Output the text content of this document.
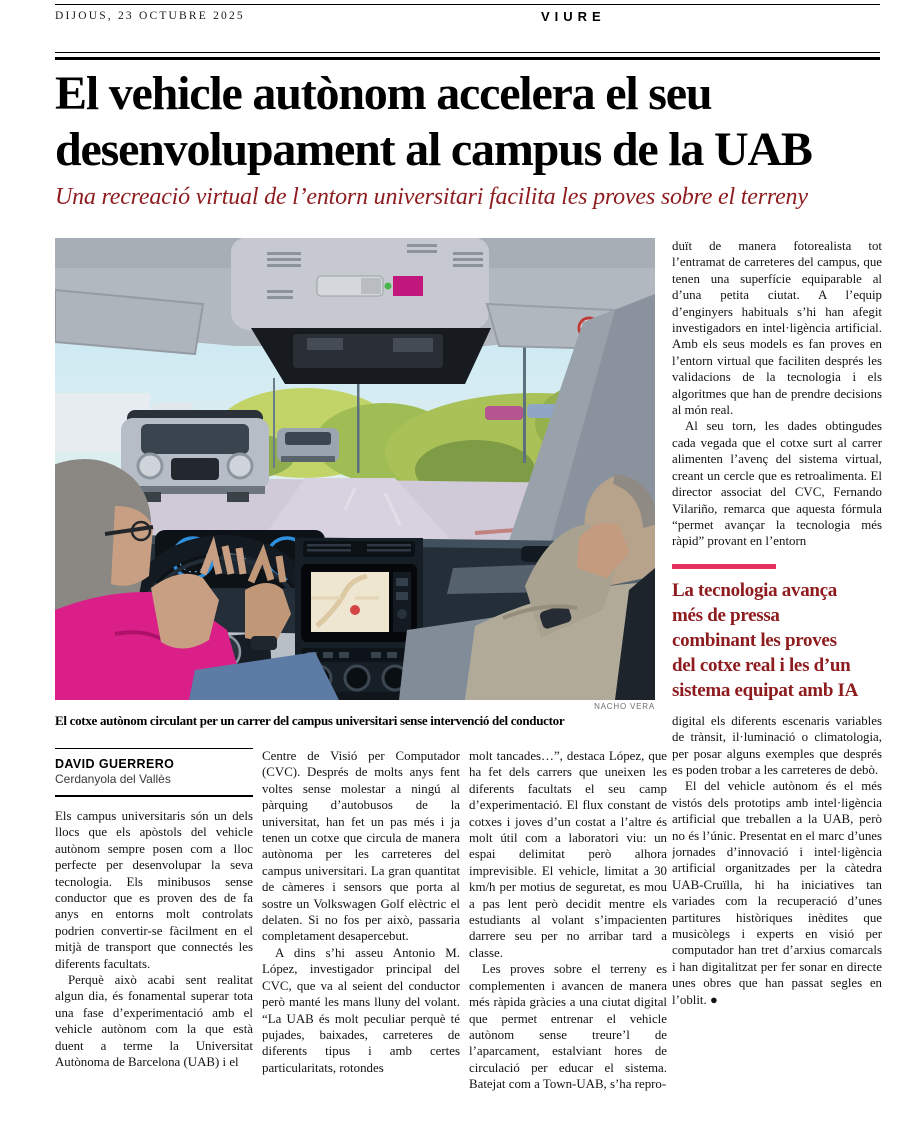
DIJOUS, 23 OCTUBRE 2025	VIURE
El vehicle autònom accelera el seu
desenvolupament al campus de la UAB
Una recreació virtual de l’entorn universitari facilita les proves sobre el terreny
NACHO VERA
El cotxe autònom circulant per un carrer del campus universitari sense intervenció del conductor
DAVID GUERRERO
Cerdanyola del Vallès

Els campus universitaris són un dels llocs que els apòstols del vehicle autònom sempre posen com a lloc perfecte per desenvolupar la seva tecnologia. Els minibusos sense conductor que es proven des de fa anys en entorns molt controlats podrien convertir-se fàcilment en el mitjà de transport que connectés les diferents facultats.

Perquè això acabi sent realitat algun dia, és fonamental superar tota una fase d’experimentació amb el vehicle autònom com la que està duent a terme la Universitat Autònoma de Barcelona (UAB) i el

Centre de Visió per Computador (CVC). Després de molts anys fent voltes sense molestar a ningú al pàrquing d’autobusos de la universitat, han fet un pas més i ja tenen un cotxe que circula de manera autònoma per les carreteres del campus universitari. La gran quantitat de càmeres i sensors que porta al sostre un Volkswagen Golf elèctric el delaten. Si no fos per això, passaria completament desapercebut.

A dins s’hi asseu Antonio M. López, investigador principal del CVC, que va al seient del conductor però manté les mans lluny del volant. “La UAB és molt peculiar perquè té pujades, baixades, carreteres de diferents tipus i amb certes particularitats, rotondes

molt tancades…”, destaca López, que ha fet dels carrers que uneixen les diferents facultats el seu camp d’experimentació. El flux constant de cotxes i joves d’un costat a l’altre és molt útil com a laboratori viu: un espai delimitat però alhora imprevisible. El vehicle, limitat a 30 km/h per motius de seguretat, es mou a pas lent però decidit mentre els estudiants al volant s’impacienten darrere seu per no arribar tard a classe.

Les proves sobre el terreny es complementen i avancen de manera més ràpida gràcies a una ciutat digital que permet entrenar el vehicle autònom sense treure’l de l’aparcament, estalviant hores de circulació per educar el sistema. Batejat com a Town-UAB, s’ha repro-

duït de manera fotorealista tot l’entramat de carreteres del campus, que tenen una superfície equiparable al d’una petita ciutat. A l’equip d’enginyers habituals s’hi han afegit investigadors en intel·ligència artificial. Amb els seus models es fan proves en l’entorn virtual que faciliten després les validacions de la tecnologia i els algoritmes que han de prendre decisions al món real.

Al seu torn, les dades obtingudes cada vegada que el cotxe surt al carrer alimenten l’avenç del sistema virtual, creant un cercle que es retroalimenta. El director associat del CVC, Fernando Vilariño, remarca que aquesta fórmula “permet avançar la tecnologia més ràpid” provant en l’entorn

La tecnologia avança
més de pressa
combinant les proves
del cotxe real i les d’un
sistema equipat amb IA

digital els diferents escenaris variables de trànsit, il·luminació o climatologia, per posar alguns exemples que després es poden trobar a les carreteres de debò.

El del vehicle autònom és el més vistós dels prototips amb intel·ligència artificial que treballen a la UAB, però no és l’únic. Presentat en el marc d’unes jornades d’innovació i intel·ligència artificial organitzades per la càtedra UAB-Cruïlla, hi ha iniciatives tan variades com la recuperació d’unes partitures històriques inèdites que musicòlegs i experts en visió per computador han tret d’arxius comarcals i han digitalitzat per fer sonar en directe unes obres que han passat segles en l’oblit. ●
